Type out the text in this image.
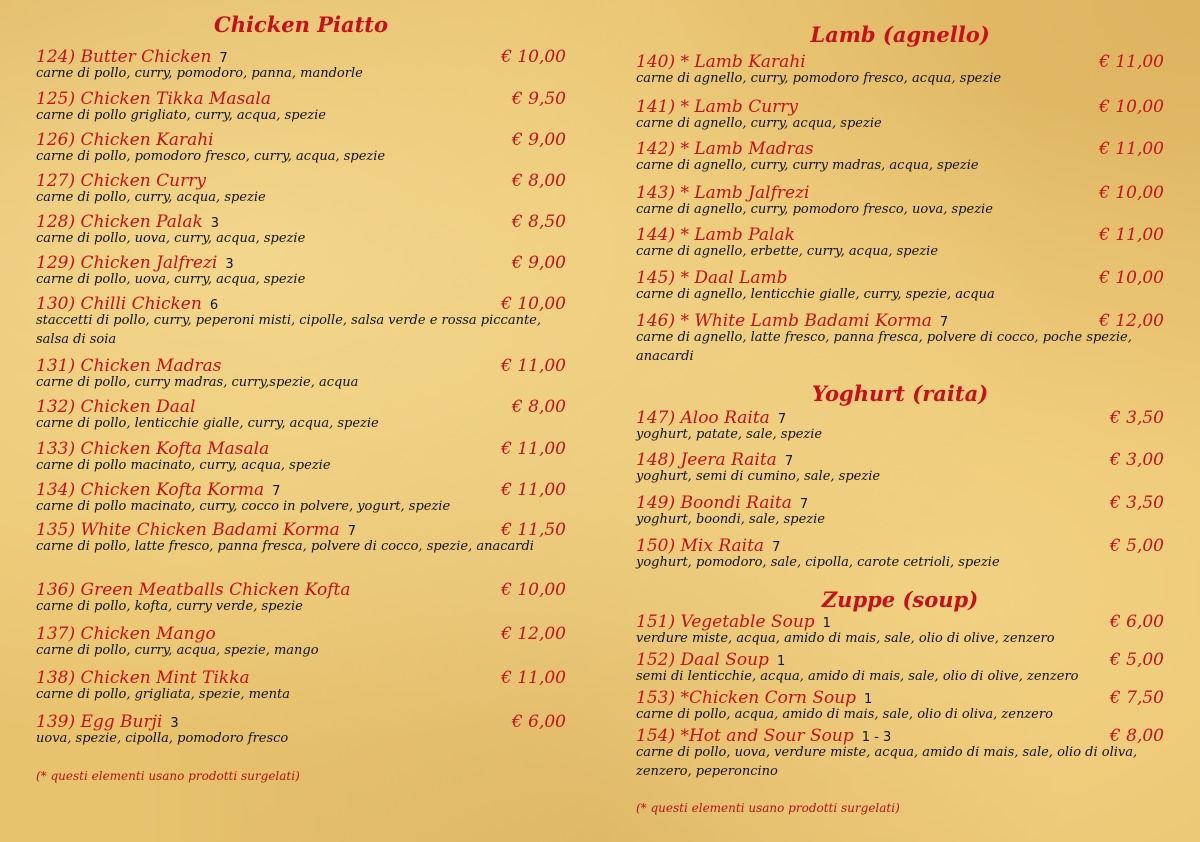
Chicken Piatto
124) Butter Chicken 7	€ 10,00
carne di pollo, curry, pomodoro, panna, mandorle
125) Chicken Tikka Masala	€ 9,50
carne di pollo grigliato, curry, acqua, spezie
126) Chicken Karahi	€ 9,00
carne di pollo, pomodoro fresco, curry, acqua, spezie
127) Chicken Curry	€ 8,00
carne di pollo, curry, acqua, spezie
128) Chicken Palak 3	€ 8,50
carne di pollo, uova, curry, acqua, spezie
129) Chicken Jalfrezi 3	€ 9,00
carne di pollo, uova, curry, acqua, spezie
130) Chilli Chicken 6	€ 10,00
staccetti di pollo, curry, peperoni misti, cipolle, salsa verde e rossa piccante, salsa di soia
131) Chicken Madras	€ 11,00
carne di pollo, curry madras, curry,spezie, acqua
132) Chicken Daal	€ 8,00
carne di pollo, lenticchie gialle, curry, acqua, spezie
133) Chicken Kofta Masala	€ 11,00
carne di pollo macinato, curry, acqua, spezie
134) Chicken Kofta Korma 7	€ 11,00
carne di pollo macinato, curry, cocco in polvere, yogurt, spezie
135) White Chicken Badami Korma 7	€ 11,50
carne di pollo, latte fresco, panna fresca, polvere di cocco, spezie, anacardi
136) Green Meatballs Chicken Kofta	€ 10,00
carne di pollo, kofta, curry verde, spezie
137) Chicken Mango	€ 12,00
carne di pollo, curry, acqua, spezie, mango
138) Chicken Mint Tikka	€ 11,00
carne di pollo, grigliata, spezie, menta
139) Egg Burji 3	€ 6,00
uova, spezie, cipolla, pomodoro fresco
(* questi elementi usano prodotti surgelati)
Lamb (agnello)
140) * Lamb Karahi	€ 11,00
carne di agnello, curry, pomodoro fresco, acqua, spezie
141) * Lamb Curry	€ 10,00
carne di agnello, curry, acqua, spezie
142) * Lamb Madras	€ 11,00
carne di agnello, curry, curry madras, acqua, spezie
143) * Lamb Jalfrezi	€ 10,00
carne di agnello, curry, pomodoro fresco, uova, spezie
144) * Lamb Palak	€ 11,00
carne di agnello, erbette, curry, acqua, spezie
145) * Daal Lamb	€ 10,00
carne di agnello, lenticchie gialle, curry, spezie, acqua
146) * White Lamb Badami Korma 7	€ 12,00
carne di agnello, latte fresco, panna fresca, polvere di cocco, poche spezie, anacardi
Yoghurt (raita)
147) Aloo Raita 7	€ 3,50
yoghurt, patate, sale, spezie
148) Jeera Raita 7	€ 3,00
yoghurt, semi di cumino, sale, spezie
149) Boondi Raita 7	€ 3,50
yoghurt, boondi, sale, spezie
150) Mix Raita 7	€ 5,00
yoghurt, pomodoro, sale, cipolla, carote cetrioli, spezie
Zuppe (soup)
151) Vegetable Soup 1	€ 6,00
verdure miste, acqua, amido di mais, sale, olio di olive, zenzero
152) Daal Soup 1	€ 5,00
semi di lenticchie, acqua, amido di mais, sale, olio di olive, zenzero
153) *Chicken Corn Soup 1	€ 7,50
carne di pollo, acqua, amido di mais, sale, olio di oliva, zenzero
154) *Hot and Sour Soup 1 - 3	€ 8,00
carne di pollo, uova, verdure miste, acqua, amido di mais, sale, olio di oliva, zenzero, peperoncino
(* questi elementi usano prodotti surgelati)
